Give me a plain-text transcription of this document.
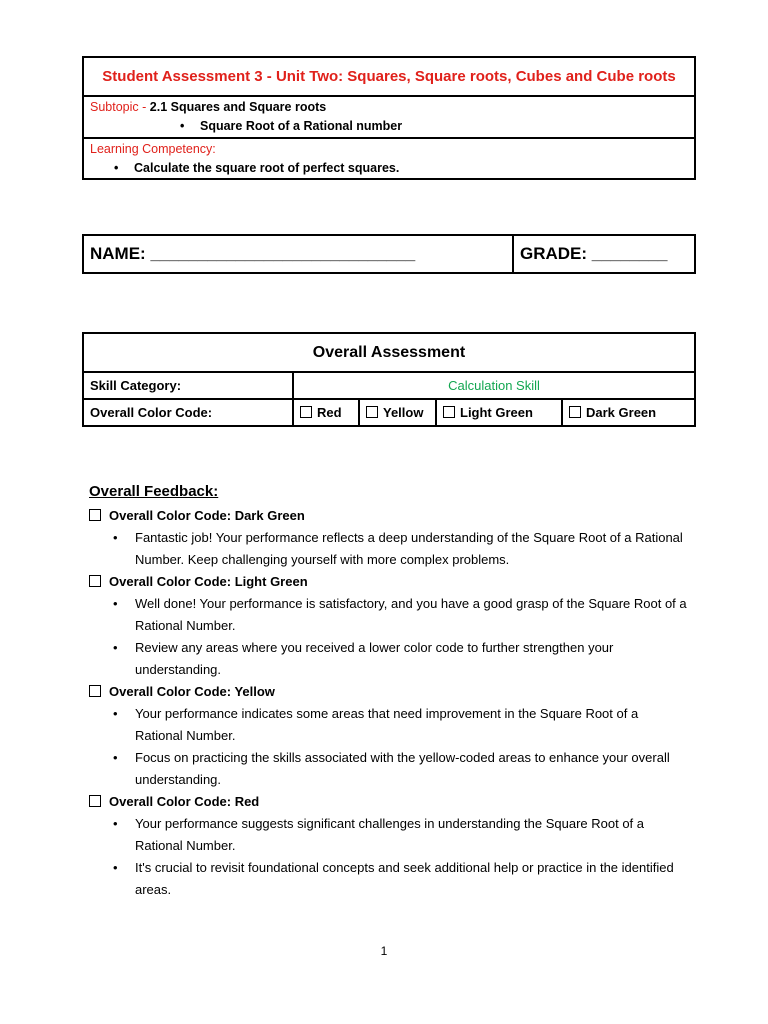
Student Assessment 3 - Unit Two: Squares, Square roots, Cubes and Cube roots

Subtopic - 2.1 Squares and Square roots
• Square Root of a Rational number

Learning Competency:
• Calculate the square root of perfect squares.
NAME: ____________________________	GRADE: ________
Overall Assessment				
Skill Category:	Calculation Skill			
Overall Color Code:	Red	Yellow	Light Green	Dark Green
Overall Feedback:
Overall Color Code: Dark Green
• Fantastic job! Your performance reflects a deep understanding of the Square Root of a Rational Number. Keep challenging yourself with more complex problems.
Overall Color Code: Light Green
• Well done! Your performance is satisfactory, and you have a good grasp of the Square Root of a Rational Number.
• Review any areas where you received a lower color code to further strengthen your understanding.
Overall Color Code: Yellow
• Your performance indicates some areas that need improvement in the Square Root of a Rational Number.
• Focus on practicing the skills associated with the yellow-coded areas to enhance your overall understanding.
Overall Color Code: Red
• Your performance suggests significant challenges in understanding the Square Root of a Rational Number.
• It's crucial to revisit foundational concepts and seek additional help or practice in the identified areas.
1
